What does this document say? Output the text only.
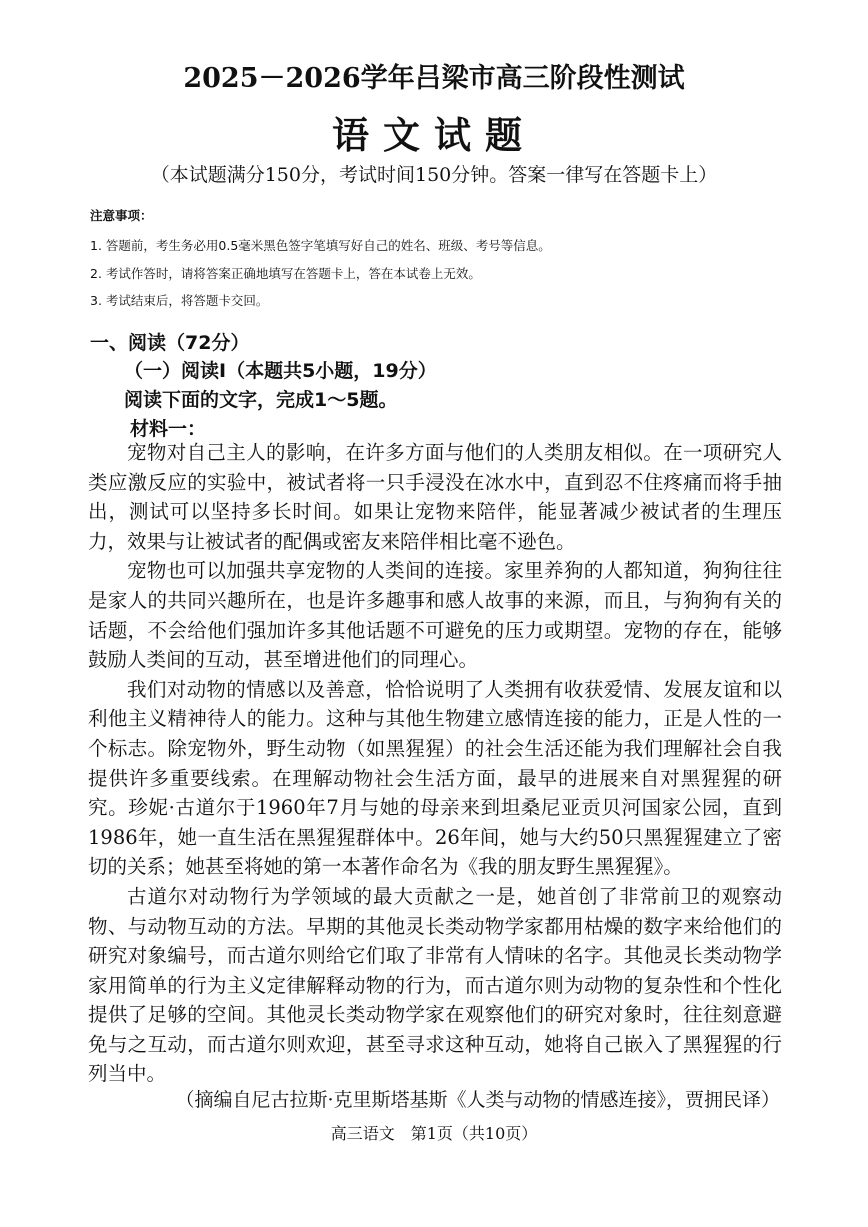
2025－2026学年吕梁市高三阶段性测试
语文试题
（本试题满分150分，考试时间150分钟。答案一律写在答题卡上）
注意事项：
1. 答题前，考生务必用0.5毫米黑色签字笔填写好自己的姓名、班级、考号等信息。
2. 考试作答时，请将答案正确地填写在答题卡上，答在本试卷上无效。
3. 考试结束后，将答题卡交回。
一、阅读（72分）
（一）阅读Ⅰ（本题共5小题，19分）
阅读下面的文字，完成1～5题。
材料一：

宠物对自己主人的影响，在许多方面与他们的人类朋友相似。在一项研究人类应激反应的实验中，被试者将一只手浸没在冰水中，直到忍不住疼痛而将手抽出，测试可以坚持多长时间。如果让宠物来陪伴，能显著减少被试者的生理压力，效果与让被试者的配偶或密友来陪伴相比毫不逊色。

宠物也可以加强共享宠物的人类间的连接。家里养狗的人都知道，狗狗往往是家人的共同兴趣所在，也是许多趣事和感人故事的来源，而且，与狗狗有关的话题，不会给他们强加许多其他话题不可避免的压力或期望。宠物的存在，能够鼓励人类间的互动，甚至增进他们的同理心。

我们对动物的情感以及善意，恰恰说明了人类拥有收获爱情、发展友谊和以利他主义精神待人的能力。这种与其他生物建立感情连接的能力，正是人性的一个标志。除宠物外，野生动物（如黑猩猩）的社会生活还能为我们理解社会自我提供许多重要线索。在理解动物社会生活方面，最早的进展来自对黑猩猩的研究。珍妮·古道尔于1960年7月与她的母亲来到坦桑尼亚贡贝河国家公园，直到1986年，她一直生活在黑猩猩群体中。26年间，她与大约50只黑猩猩建立了密切的关系；她甚至将她的第一本著作命名为《我的朋友野生黑猩猩》。

古道尔对动物行为学领域的最大贡献之一是，她首创了非常前卫的观察动物、与动物互动的方法。早期的其他灵长类动物学家都用枯燥的数字来给他们的研究对象编号，而古道尔则给它们取了非常有人情味的名字。其他灵长类动物学家用简单的行为主义定律解释动物的行为，而古道尔则为动物的复杂性和个性化提供了足够的空间。其他灵长类动物学家在观察他们的研究对象时，往往刻意避免与之互动，而古道尔则欢迎，甚至寻求这种互动，她将自己嵌入了黑猩猩的行列当中。

（摘编自尼古拉斯·克里斯塔基斯《人类与动物的情感连接》，贾拥民译）
高三语文　第1页（共10页）
